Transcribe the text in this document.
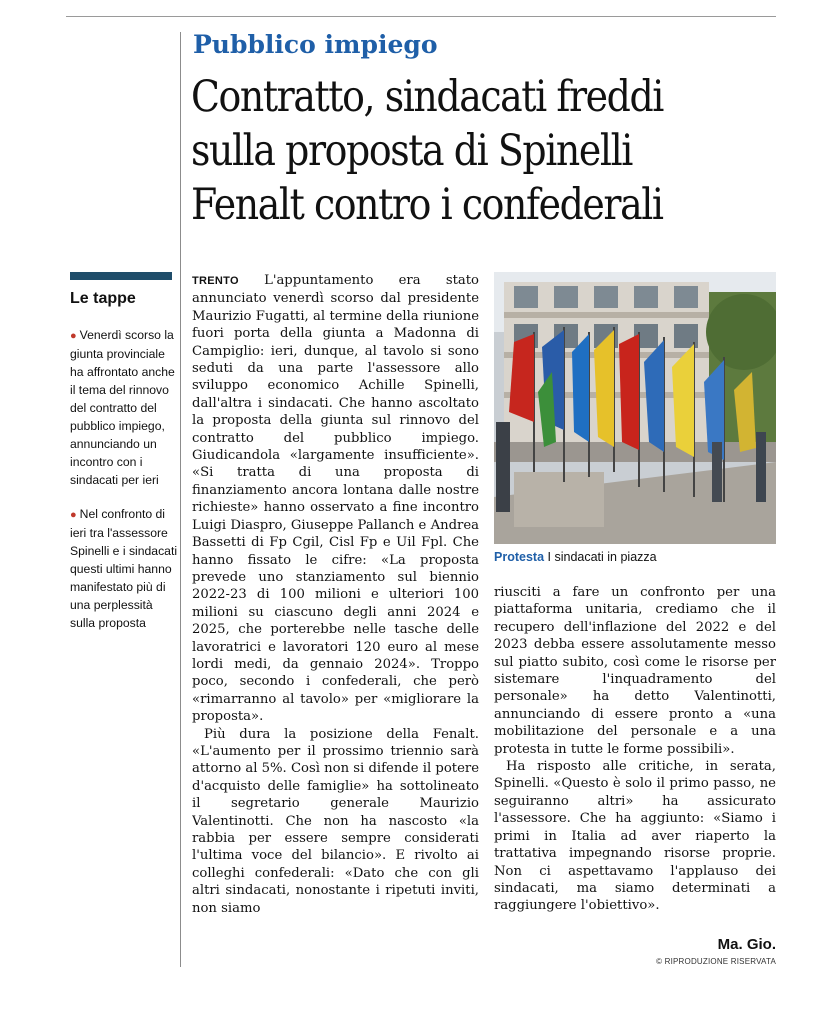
Pubblico impiego
Contratto, sindacati freddi
sulla proposta di Spinelli
Fenalt contro i confederali
Le tappe
● Venerdì scorso la giunta provinciale ha affrontato anche il tema del rinnovo del contratto del pubblico impiego, annunciando un incontro con i sindacati per ieri
● Nel confronto di ieri tra l'assessore Spinelli e i sindacati questi ultimi hanno manifestato più di una perplessità sulla proposta

TRENTO L'appuntamento era stato annunciato venerdì scorso dal presidente Maurizio Fugatti, al termine della riunione fuori porta della giunta a Madonna di Campiglio: ieri, dunque, al tavolo si sono seduti da una parte l'assessore allo sviluppo economico Achille Spinelli, dall'altra i sindacati. Che hanno ascoltato la proposta della giunta sul rinnovo del contratto del pubblico impiego. Giudicandola «largamente insufficiente». «Si tratta di una proposta di finanziamento ancora lontana dalle nostre richieste» hanno osservato a fine incontro Luigi Diaspro, Giuseppe Pallanch e Andrea Bassetti di Fp Cgil, Cisl Fp e Uil Fpl. Che hanno fissato le cifre: «La proposta prevede uno stanziamento sul biennio 2022-23 di 100 milioni e ulteriori 100 milioni su ciascuno degli anni 2024 e 2025, che porterebbe nelle tasche delle lavoratrici e lavoratori 120 euro al mese lordi medi, da gennaio 2024». Troppo poco, secondo i confederali, che però «rimarranno al tavolo» per «migliorare la proposta».

Più dura la posizione della Fenalt. «L'aumento per il prossimo triennio sarà attorno al 5%. Così non si difende il potere d'acquisto delle famiglie» ha sottolineato il segretario generale Maurizio Valentinotti. Che non ha nascosto «la rabbia per essere sempre considerati l'ultima voce del bilancio». E rivolto ai colleghi confederali: «Dato che con gli altri sindacati, nonostante i ripetuti inviti, non siamo

Protesta I sindacati in piazza

riusciti a fare un confronto per una piattaforma unitaria, crediamo che il recupero dell'inflazione del 2022 e del 2023 debba essere assolutamente messo sul piatto subito, così come le risorse per sistemare l'inquadramento del personale» ha detto Valentinotti, annunciando di essere pronto a «una mobilitazione del personale e a una protesta in tutte le forme possibili».

Ha risposto alle critiche, in serata, Spinelli. «Questo è solo il primo passo, ne seguiranno altri» ha assicurato l'assessore. Che ha aggiunto: «Siamo i primi in Italia ad aver riaperto la trattativa impegnando risorse proprie. Non ci aspettavamo l'applauso dei sindacati, ma siamo determinati a raggiungere l'obiettivo».

Ma. Gio.
© RIPRODUZIONE RISERVATA
